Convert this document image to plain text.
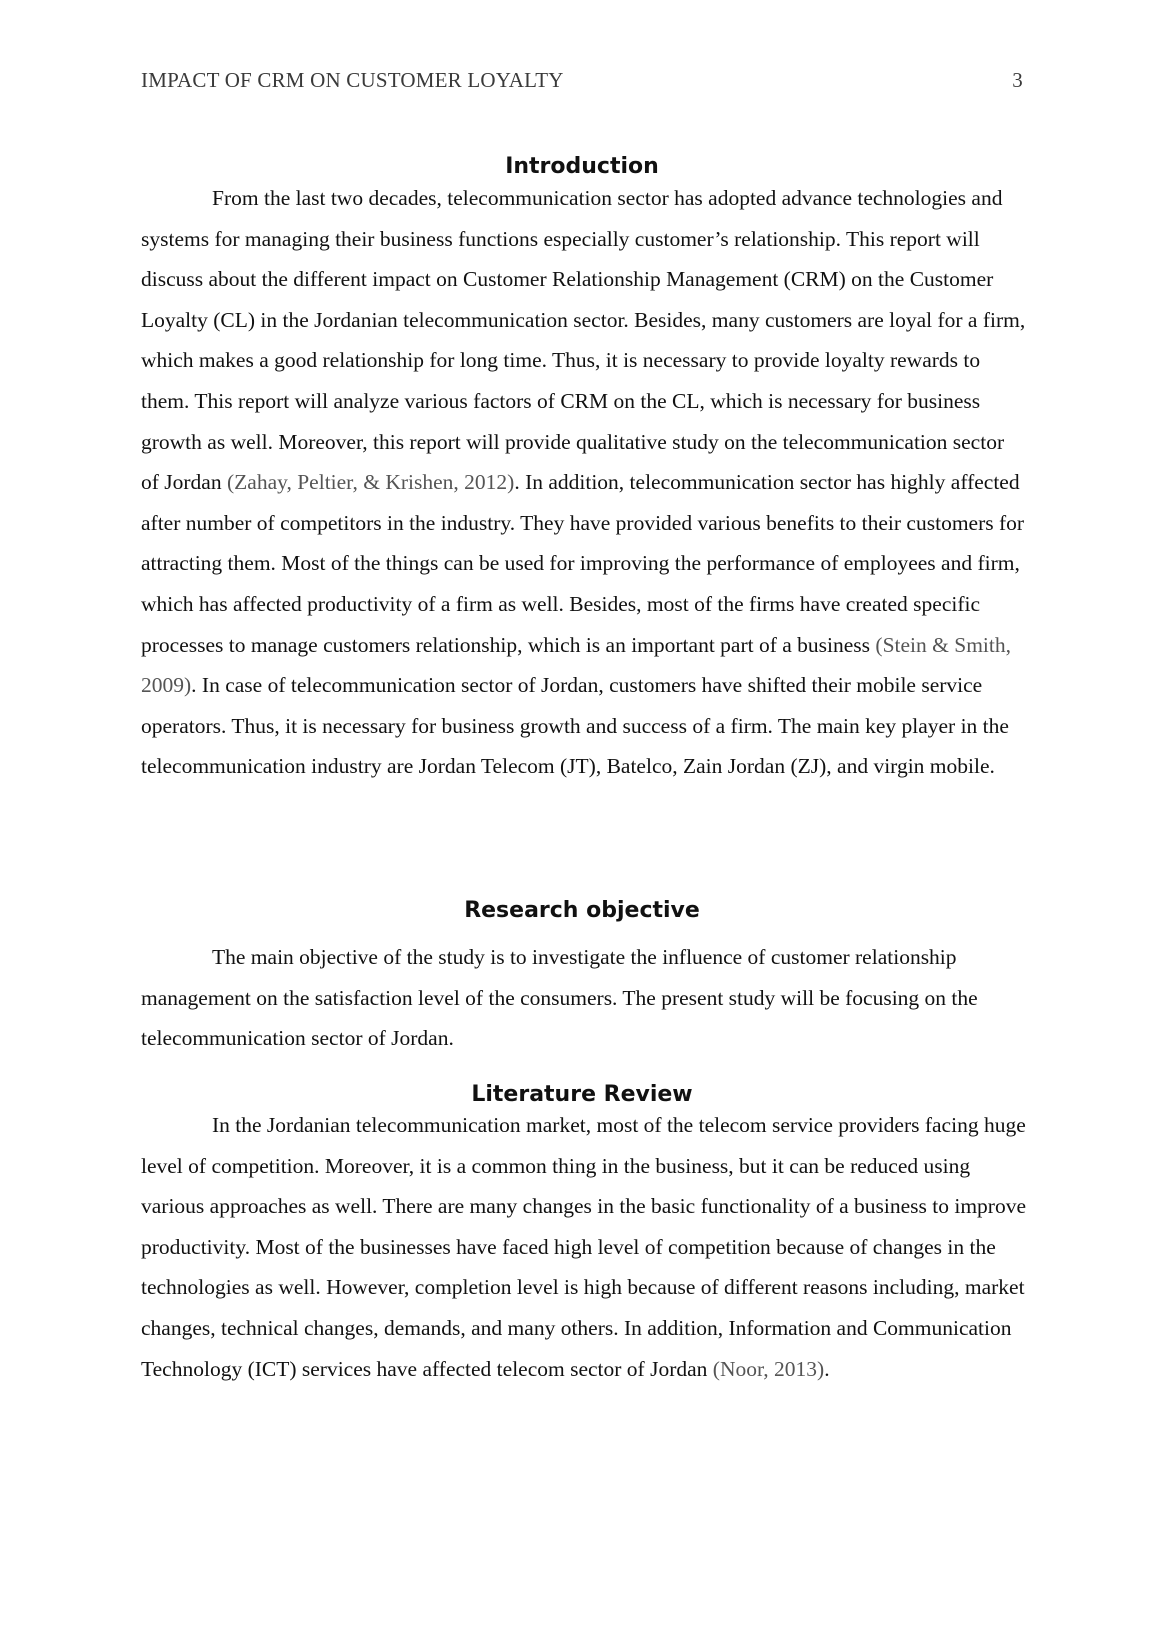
IMPACT OF CRM ON CUSTOMER LOYALTY	3
Introduction

From the last two decades, telecommunication sector has adopted advance technologies and systems for managing their business functions especially customer’s relationship. This report will discuss about the different impact on Customer Relationship Management (CRM) on the Customer Loyalty (CL) in the Jordanian telecommunication sector. Besides, many customers are loyal for a firm, which makes a good relationship for long time. Thus, it is necessary to provide loyalty rewards to them. This report will analyze various factors of CRM on the CL, which is necessary for business growth as well. Moreover, this report will provide qualitative study on the telecommunication sector of Jordan (Zahay, Peltier, & Krishen, 2012). In addition, telecommunication sector has highly affected after number of competitors in the industry. They have provided various benefits to their customers for attracting them. Most of the things can be used for improving the performance of employees and firm, which has affected productivity of a firm as well. Besides, most of the firms have created specific processes to manage customers relationship, which is an important part of a business (Stein & Smith, 2009). In case of telecommunication sector of Jordan, customers have shifted their mobile service operators. Thus, it is necessary for business growth and success of a firm. The main key player in the telecommunication industry are Jordan Telecom (JT), Batelco, Zain Jordan (ZJ), and virgin mobile.

Research objective

The main objective of the study is to investigate the influence of customer relationship management on the satisfaction level of the consumers. The present study will be focusing on the telecommunication sector of Jordan.

Literature Review

In the Jordanian telecommunication market, most of the telecom service providers facing huge level of competition. Moreover, it is a common thing in the business, but it can be reduced using various approaches as well. There are many changes in the basic functionality of a business to improve productivity. Most of the businesses have faced high level of competition because of changes in the technologies as well. However, completion level is high because of different reasons including, market changes, technical changes, demands, and many others. In addition, Information and Communication Technology (ICT) services have affected telecom sector of Jordan (Noor, 2013).
